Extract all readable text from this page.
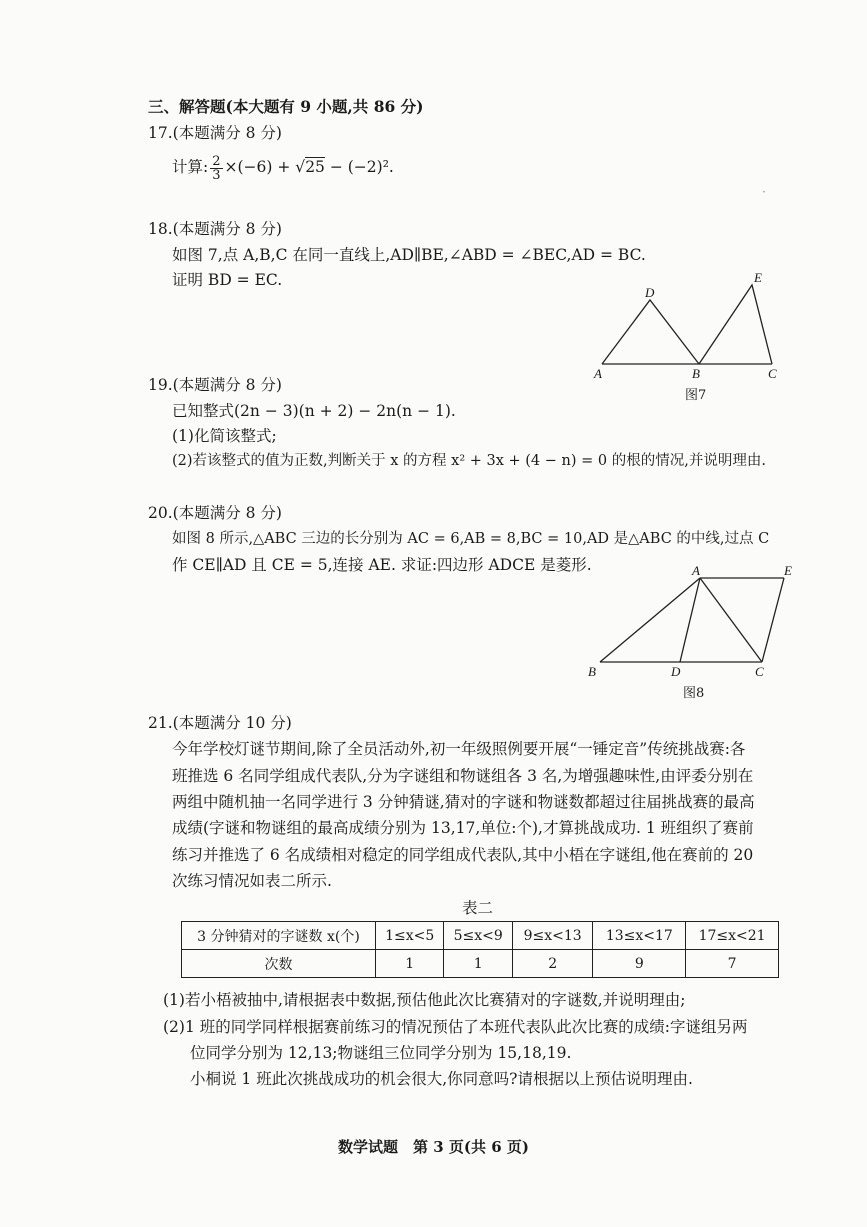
三、解答题(本大题有 9 小题,共 86 分)
17.(本题满分 8 分)
计算: $\frac{2}{3} \times(-6) + √25 - (-2)^2$.
·
18.(本题满分 8 分)
如图 7,点 A,B,C 在同一直线上,AD∥BE,∠ABD = ∠BEC,AD = BC.
证明 BD = EC.
D
E
A	B	C
图7
19.(本题满分 8 分)
已知整式(2n − 3)(n + 2) − 2n(n − 1).
(1)化简该整式;
(2)若该整式的值为正数,判断关于 x 的方程 x² + 3x + (4 − n) = 0 的根的情况,并说明理由.
20.(本题满分 8 分)
如图 8 所示,△ABC 三边的长分别为 AC = 6,AB = 8,BC = 10,AD 是△ABC 的中线,过点 C
作 CE∥AD 且 CE = 5,连接 AE. 求证:四边形 ADCE 是菱形.	A	E
B	D	C
图8
21.(本题满分 10 分)
今年学校灯谜节期间,除了全员活动外,初一年级照例要开展“一锤定音”传统挑战赛:各
班推选 6 名同学组成代表队,分为字谜组和物谜组各 3 名,为增强趣味性,由评委分别在
两组中随机抽一名同学进行 3 分钟猜谜,猜对的字谜和物谜数都超过往届挑战赛的最高
成绩(字谜和物谜组的最高成绩分别为 13,17,单位:个),才算挑战成功. 1 班组织了赛前
练习并推选了 6 名成绩相对稳定的同学组成代表队,其中小梧在字谜组,他在赛前的 20
次练习情况如表二所示.
表二
3 分钟猜对的字谜数 x(个)	1≤x<5	5≤x<9	9≤x<13	13≤x<17	17≤x<21
次数	1	1	2	9	7
(1)若小梧被抽中,请根据表中数据,预估他此次比赛猜对的字谜数,并说明理由;
(2)1 班的同学同样根据赛前练习的情况预估了本班代表队此次比赛的成绩:字谜组另两
位同学分别为 12,13;物谜组三位同学分别为 15,18,19.
小桐说 1 班此次挑战成功的机会很大,你同意吗?请根据以上预估说明理由.
数学试题　第 3 页(共 6 页)
